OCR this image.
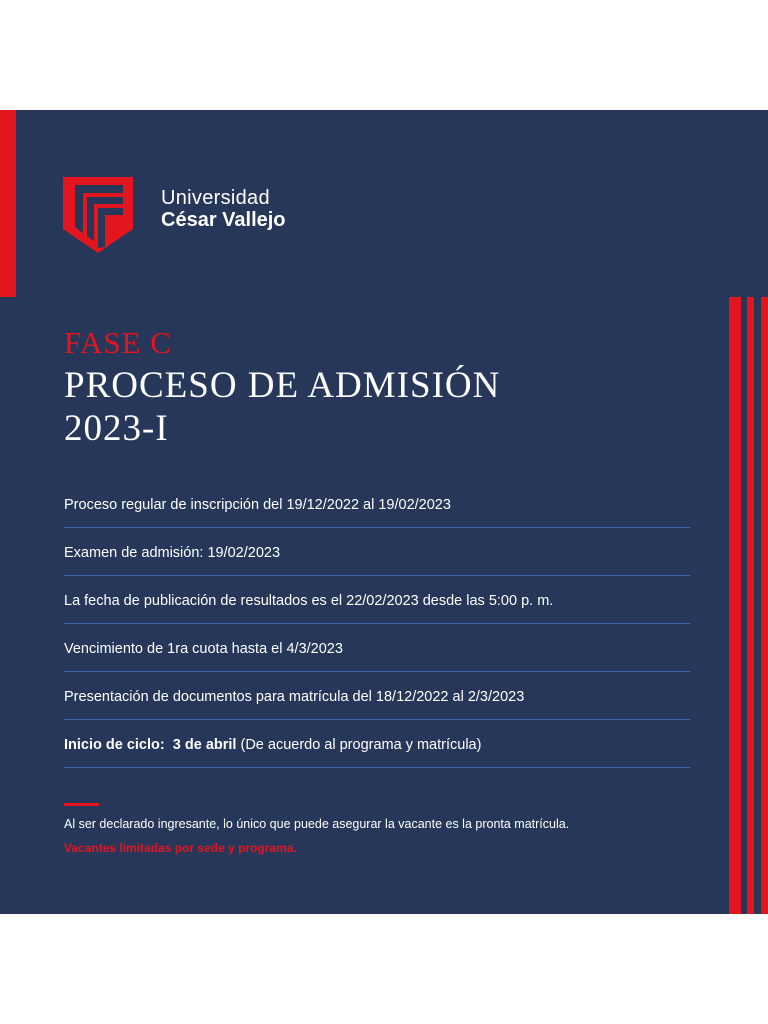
Universidad
César Vallejo
FASE C
PROCESO DE ADMISIÓN
2023-I
Proceso regular de inscripción del 19/12/2022 al 19/02/2023
Examen de admisión: 19/02/2023
La fecha de publicación de resultados es el 22/02/2023 desde las 5:00 p. m.
Vencimiento de 1ra cuota hasta el 4/3/2023
Presentación de documentos para matrícula del 18/12/2022 al 2/3/2023
Inicio de ciclo: 3 de abril (De acuerdo al programa y matrícula)
Al ser declarado ingresante, lo único que puede asegurar la vacante es la pronta matrícula.
Vacantes limitadas por sede y programa.
